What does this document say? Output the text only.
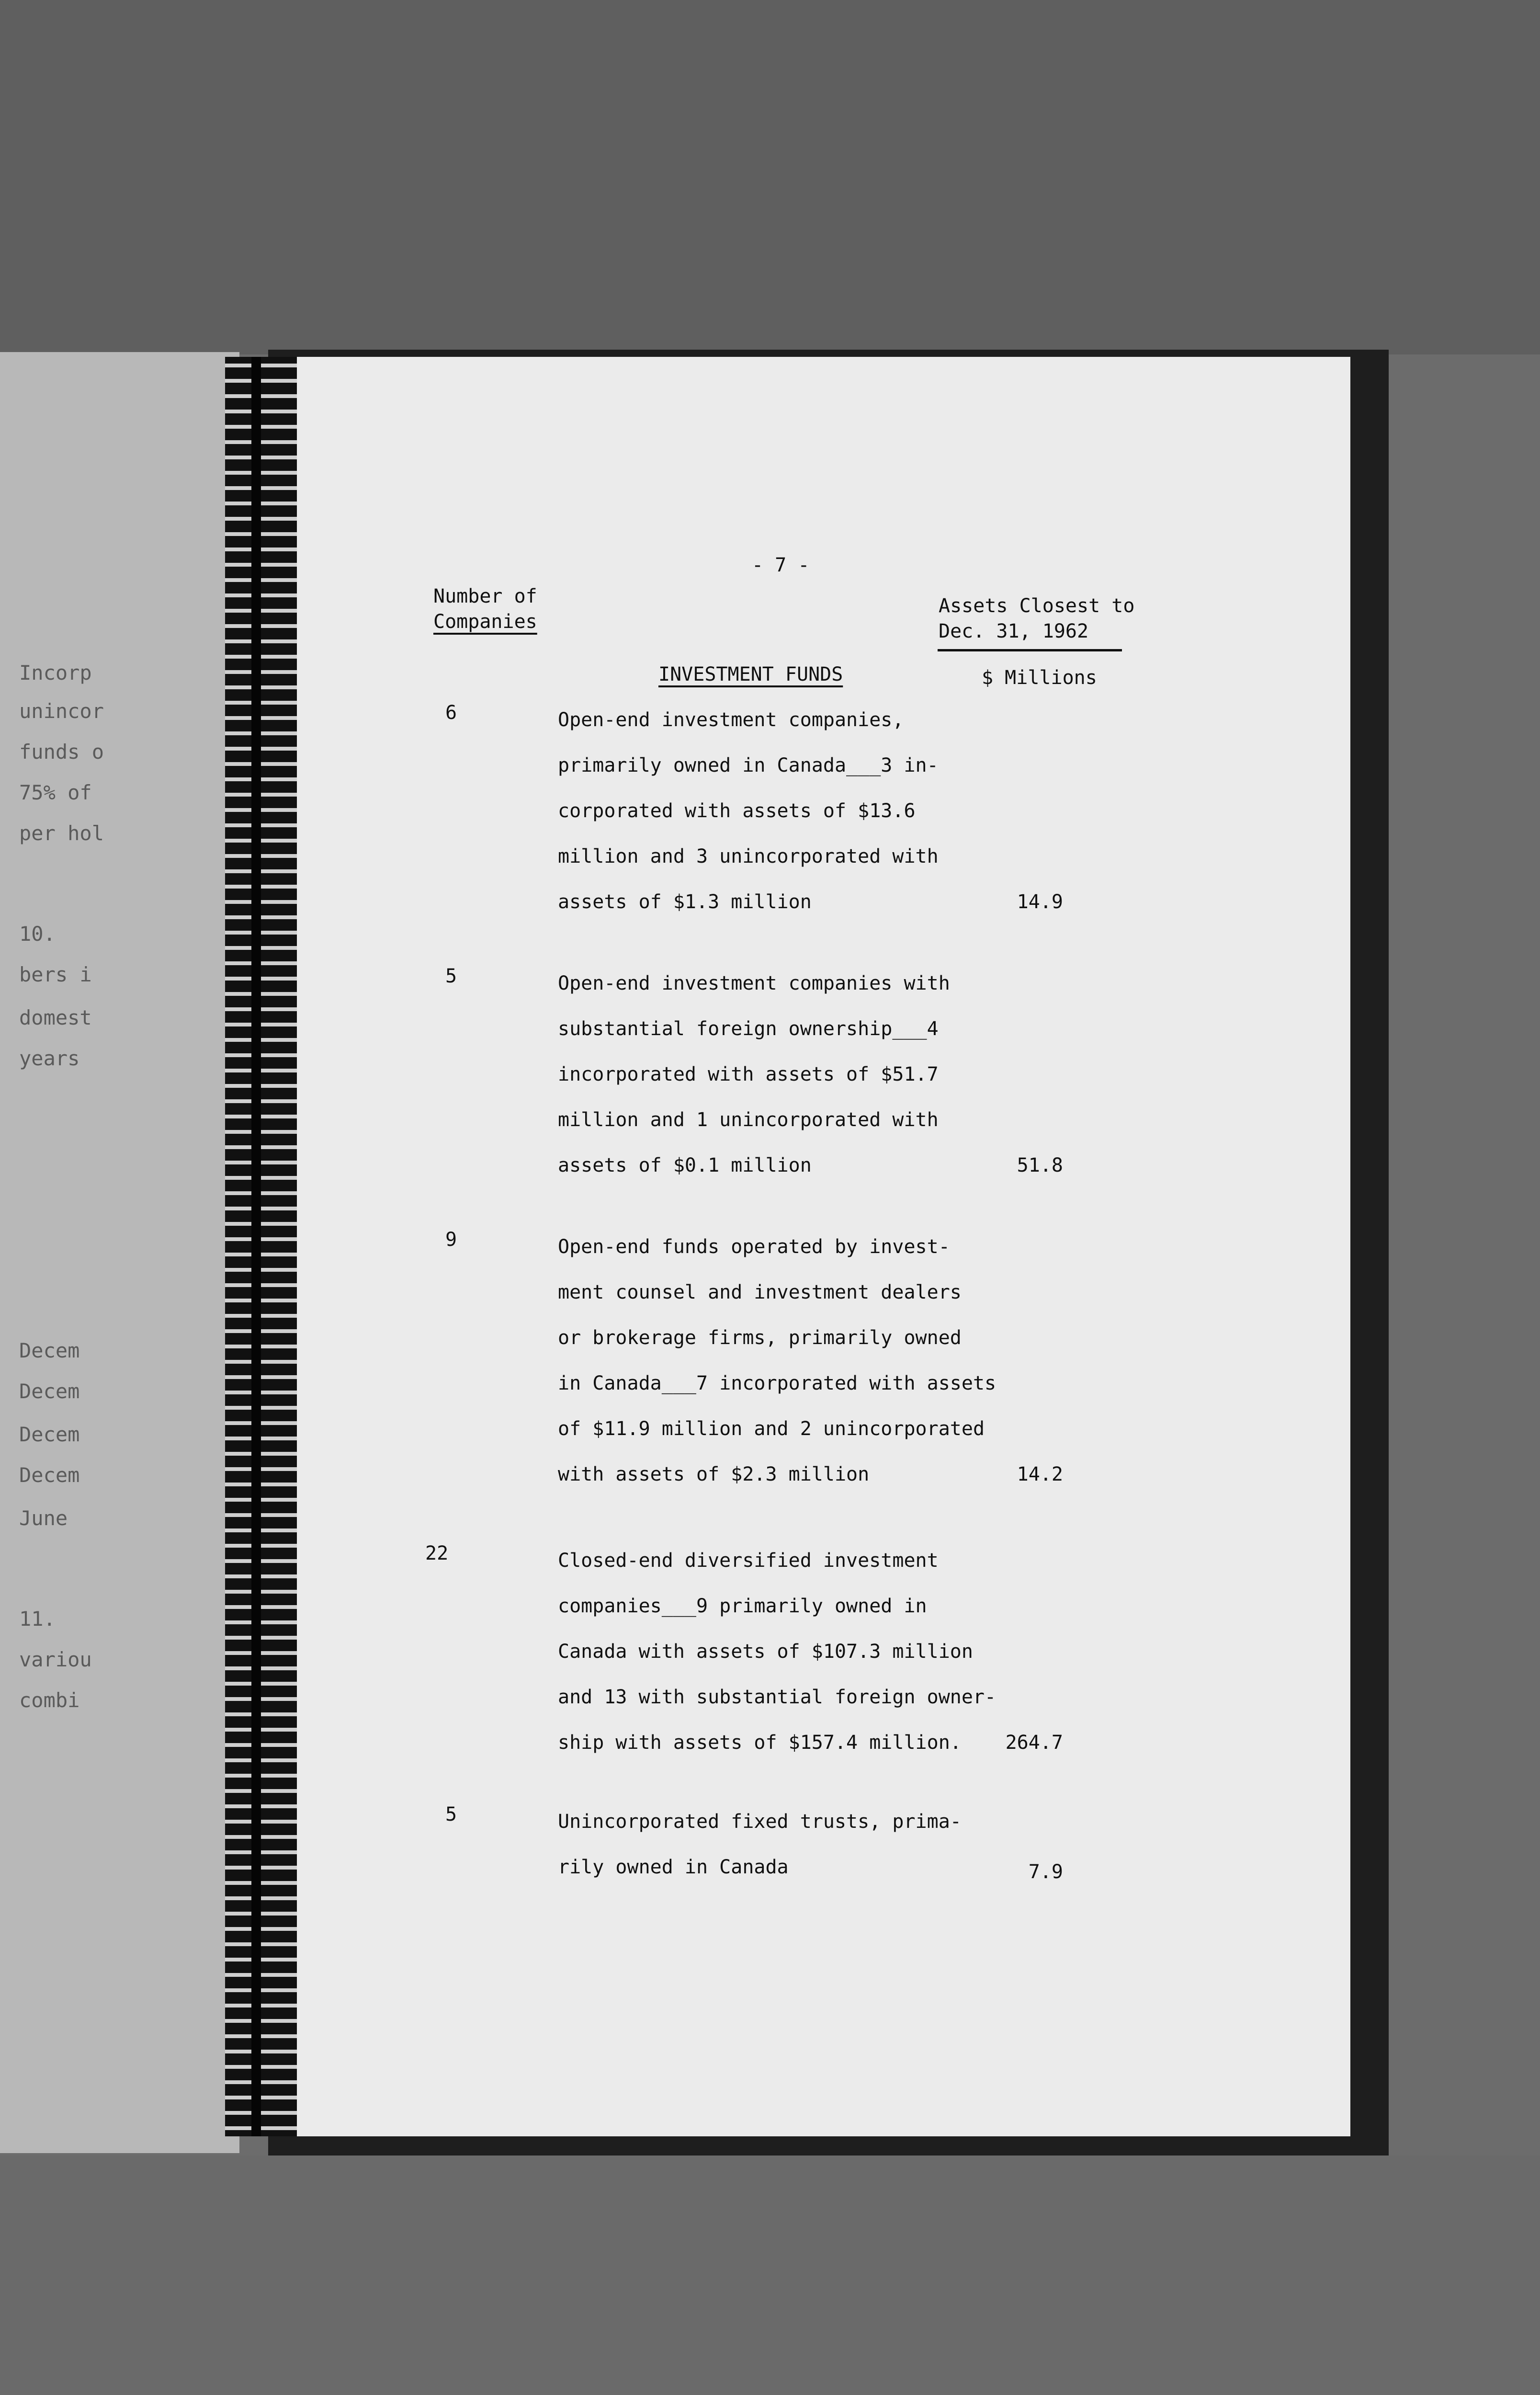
Incorp
unincor
funds o
75% of
per hol
10.
bers i
domest
years
Decem
Decem
Decem
Decem
June
11.
variou
combi
- 7 -
Number of
Companies
Assets Closest to
Dec. 31, 1962
INVESTMENT FUNDS	$ Millions
6	Open-end investment companies,
primarily owned in Canada___3 in-
corporated with assets of $13.6
million and 3 unincorporated with
assets of $1.3 million	14.9
5	Open-end investment companies with
substantial foreign ownership___4
incorporated with assets of $51.7
million and 1 unincorporated with
assets of $0.1 million	51.8
9	Open-end funds operated by invest-
ment counsel and investment dealers
or brokerage firms, primarily owned
in Canada___7 incorporated with assets
of $11.9 million and 2 unincorporated
with assets of $2.3 million	14.2
22	Closed-end diversified investment
companies___9 primarily owned in
Canada with assets of $107.3 million
and 13 with substantial foreign owner-
ship with assets of $157.4 million.	264.7
5	Unincorporated fixed trusts, prima-
rily owned in Canada	7.9
